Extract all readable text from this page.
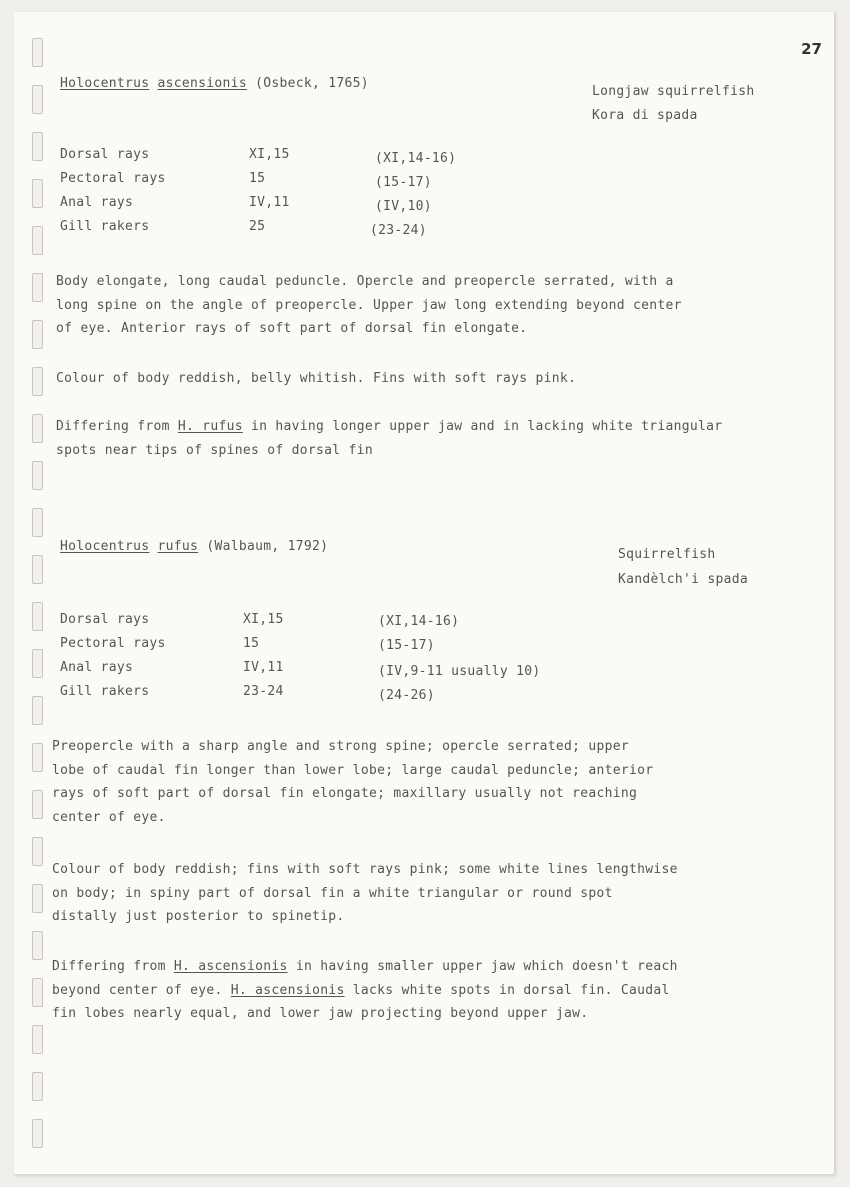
27
Holocentrus ascensionis (Osbeck, 1765)
Longjaw squirrelfish
Kora di spada
Dorsal rays	XI,15	(XI,14-16)
Pectoral rays	15	(15-17)
Anal rays	IV,11	(IV,10)
Gill rakers	25	(23-24)
Body elongate, long caudal peduncle. Opercle and preopercle serrated, with a
long spine on the angle of preopercle. Upper jaw long extending beyond center
of eye. Anterior rays of soft part of dorsal fin elongate.
Colour of body reddish, belly whitish. Fins with soft rays pink.
Differing from H. rufus in having longer upper jaw and in lacking white triangular
spots near tips of spines of dorsal fin
Holocentrus rufus (Walbaum, 1792)
Squirrelfish
Kandèlch'i spada
Dorsal rays	XI,15	(XI,14-16)
Pectoral rays	15	(15-17)
Anal rays	IV,11	(IV,9-11 usually 10)
Gill rakers	23-24	(24-26)
Preopercle with a sharp angle and strong spine; opercle serrated; upper
lobe of caudal fin longer than lower lobe; large caudal peduncle; anterior
rays of soft part of dorsal fin elongate; maxillary usually not reaching
center of eye.
Colour of body reddish; fins with soft rays pink; some white lines lengthwise
on body; in spiny part of dorsal fin a white triangular or round spot
distally just posterior to spinetip.
Differing from H. ascensionis in having smaller upper jaw which doesn't reach
beyond center of eye. H. ascensionis lacks white spots in dorsal fin. Caudal
fin lobes nearly equal, and lower jaw projecting beyond upper jaw.
